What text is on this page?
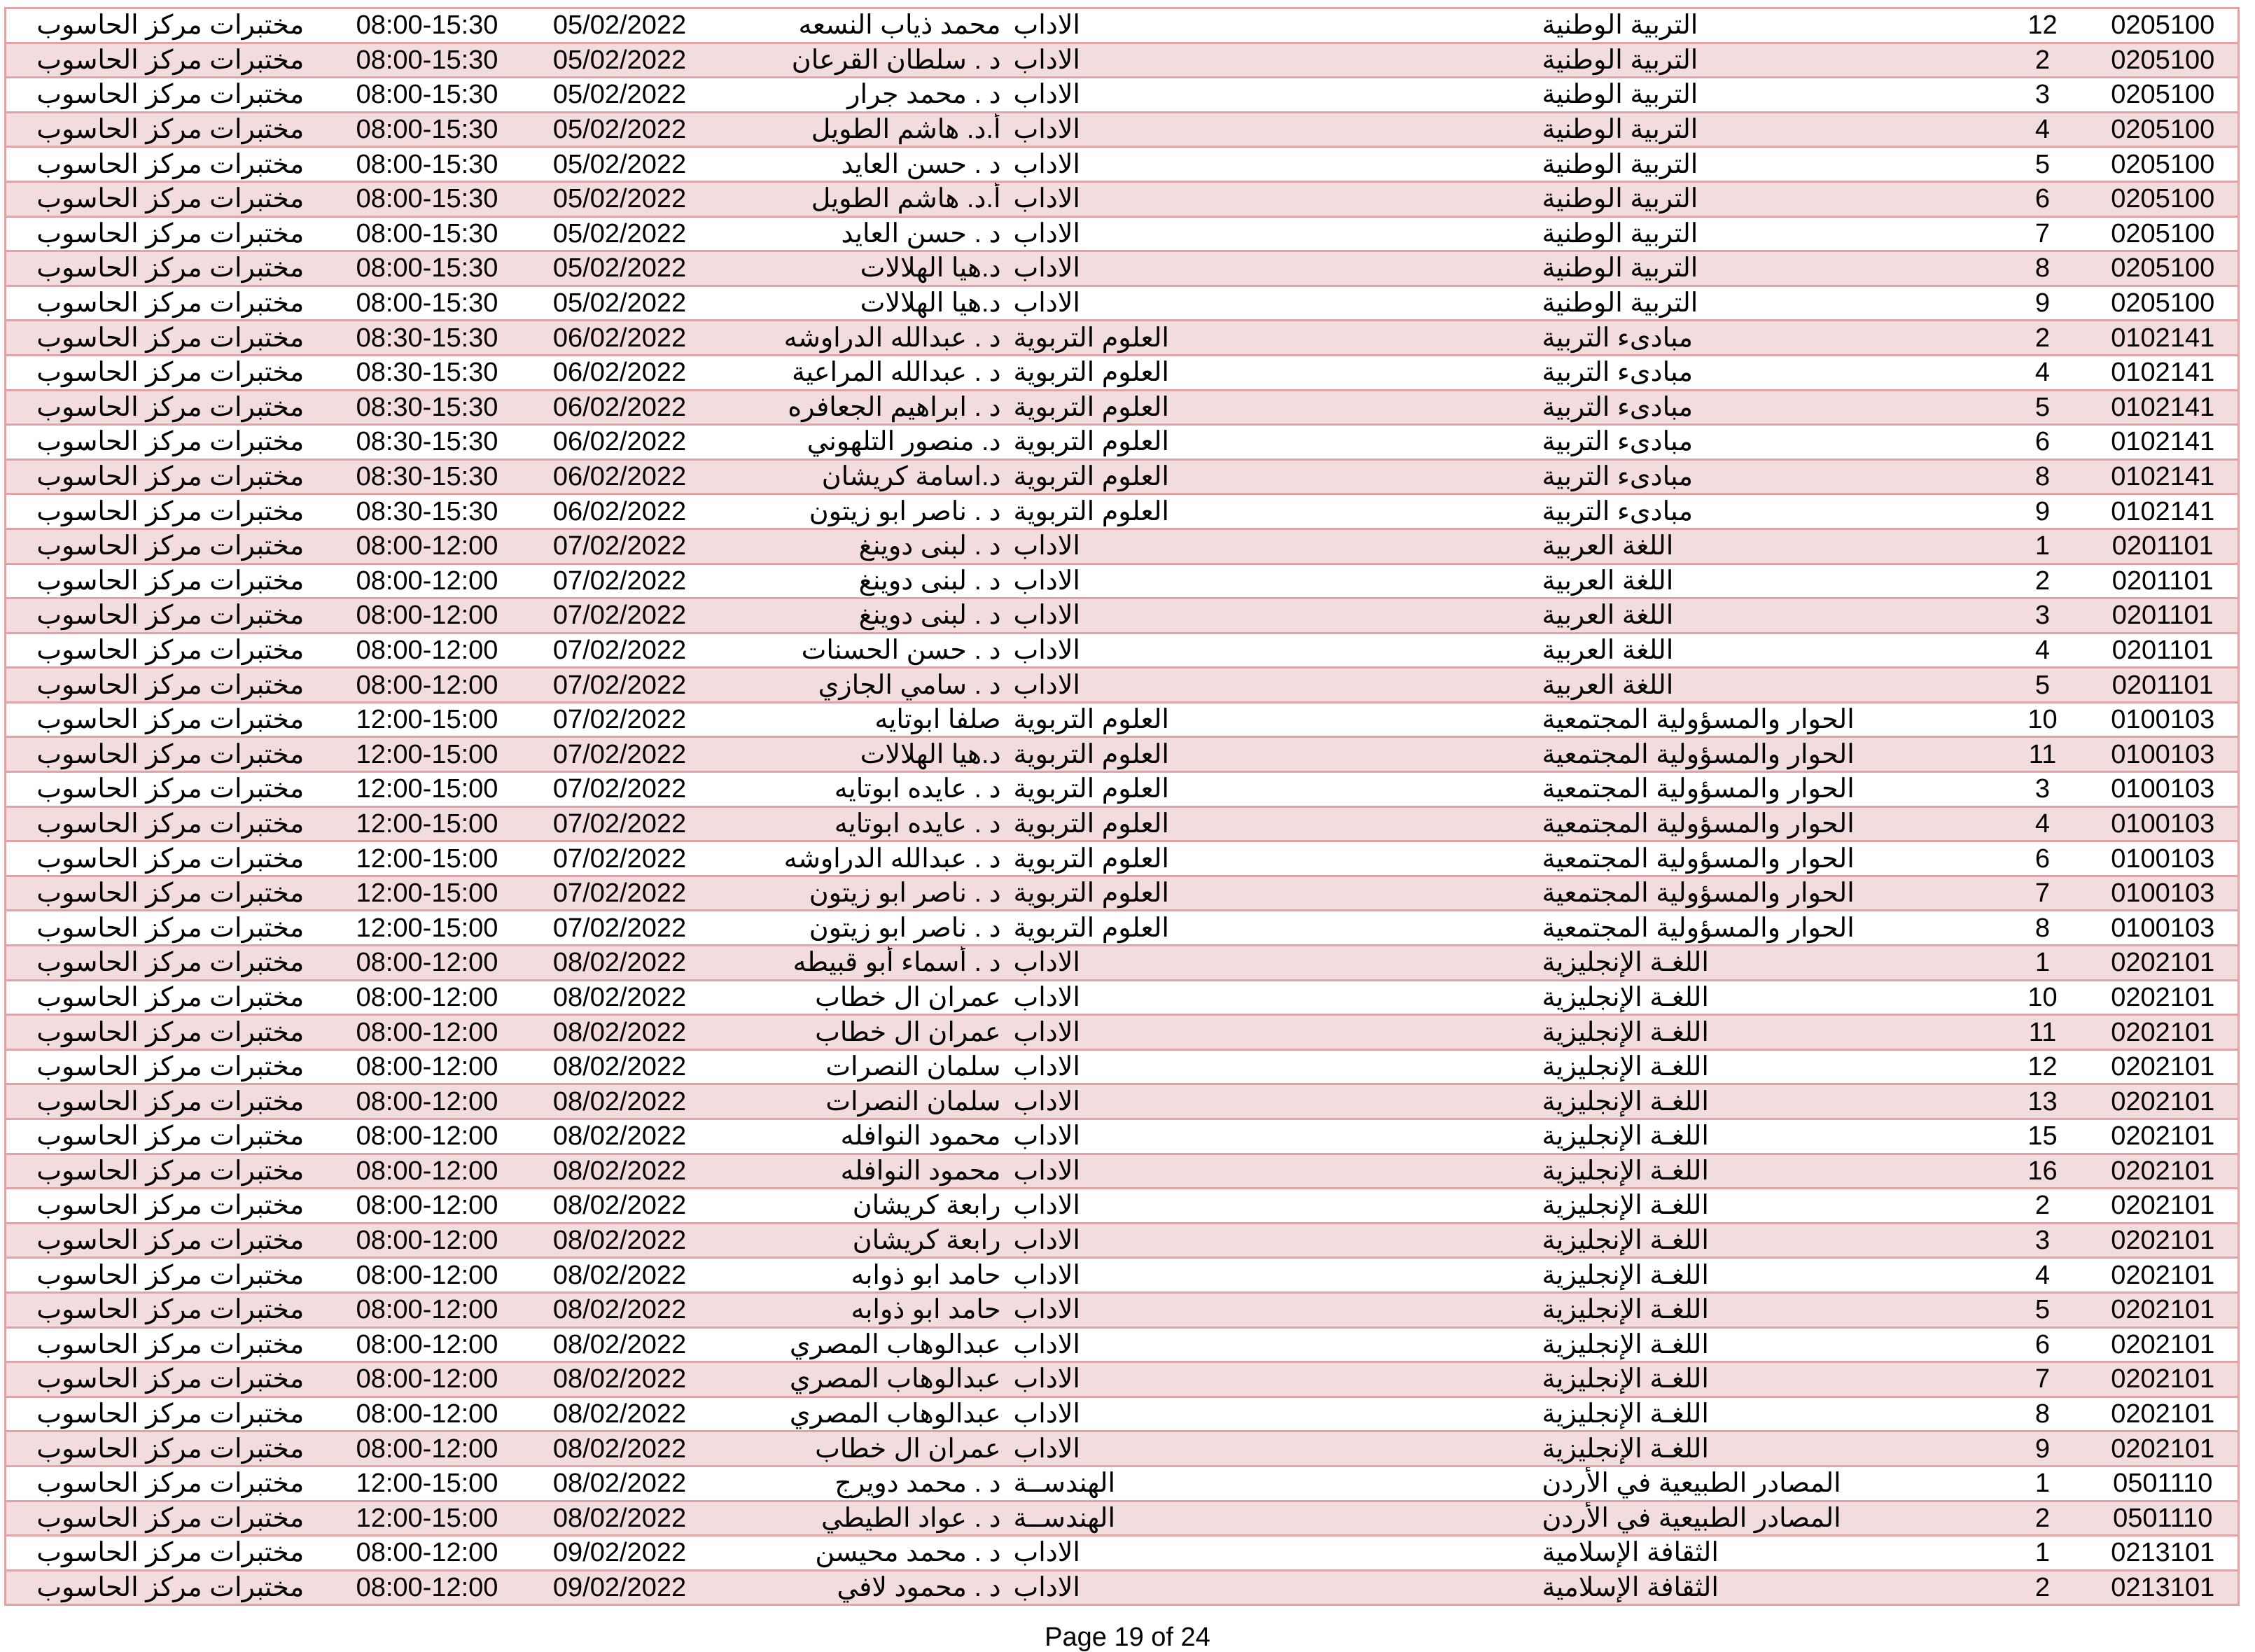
مختبرات مركز الحاسوب	08:00-15:30	05/02/2022	محمد ذياب النسعه	الاداب	التربية الوطنية	12	0205100
مختبرات مركز الحاسوب	08:00-15:30	05/02/2022	د . سلطان القرعان	الاداب	التربية الوطنية	2	0205100
مختبرات مركز الحاسوب	08:00-15:30	05/02/2022	د . محمد جرار	الاداب	التربية الوطنية	3	0205100
مختبرات مركز الحاسوب	08:00-15:30	05/02/2022	أ.د. هاشم الطويل	الاداب	التربية الوطنية	4	0205100
مختبرات مركز الحاسوب	08:00-15:30	05/02/2022	د . حسن العايد	الاداب	التربية الوطنية	5	0205100
مختبرات مركز الحاسوب	08:00-15:30	05/02/2022	أ.د. هاشم الطويل	الاداب	التربية الوطنية	6	0205100
مختبرات مركز الحاسوب	08:00-15:30	05/02/2022	د . حسن العايد	الاداب	التربية الوطنية	7	0205100
مختبرات مركز الحاسوب	08:00-15:30	05/02/2022	د.هيا الهلالات	الاداب	التربية الوطنية	8	0205100
مختبرات مركز الحاسوب	08:00-15:30	05/02/2022	د.هيا الهلالات	الاداب	التربية الوطنية	9	0205100
مختبرات مركز الحاسوب	08:30-15:30	06/02/2022	د . عبدالله الدراوشه	العلوم التربوية	مبادىء التربية	2	0102141
مختبرات مركز الحاسوب	08:30-15:30	06/02/2022	د . عبدالله المراعية	العلوم التربوية	مبادىء التربية	4	0102141
مختبرات مركز الحاسوب	08:30-15:30	06/02/2022	د . ابراهيم الجعافره	العلوم التربوية	مبادىء التربية	5	0102141
مختبرات مركز الحاسوب	08:30-15:30	06/02/2022	د. منصور التلهوني	العلوم التربوية	مبادىء التربية	6	0102141
مختبرات مركز الحاسوب	08:30-15:30	06/02/2022	د.اسامة كريشان	العلوم التربوية	مبادىء التربية	8	0102141
مختبرات مركز الحاسوب	08:30-15:30	06/02/2022	د . ناصر ابو زيتون	العلوم التربوية	مبادىء التربية	9	0102141
مختبرات مركز الحاسوب	08:00-12:00	07/02/2022	د . لبنى دوينغ	الاداب	اللغة العربية	1	0201101
مختبرات مركز الحاسوب	08:00-12:00	07/02/2022	د . لبنى دوينغ	الاداب	اللغة العربية	2	0201101
مختبرات مركز الحاسوب	08:00-12:00	07/02/2022	د . لبنى دوينغ	الاداب	اللغة العربية	3	0201101
مختبرات مركز الحاسوب	08:00-12:00	07/02/2022	د . حسن الحسنات	الاداب	اللغة العربية	4	0201101
مختبرات مركز الحاسوب	08:00-12:00	07/02/2022	د . سامي الجازي	الاداب	اللغة العربية	5	0201101
مختبرات مركز الحاسوب	12:00-15:00	07/02/2022	صلفا ابوتايه	العلوم التربوية	الحوار والمسؤولية المجتمعية	10	0100103
مختبرات مركز الحاسوب	12:00-15:00	07/02/2022	د.هيا الهلالات	العلوم التربوية	الحوار والمسؤولية المجتمعية	11	0100103
مختبرات مركز الحاسوب	12:00-15:00	07/02/2022	د . عايده ابوتايه	العلوم التربوية	الحوار والمسؤولية المجتمعية	3	0100103
مختبرات مركز الحاسوب	12:00-15:00	07/02/2022	د . عايده ابوتايه	العلوم التربوية	الحوار والمسؤولية المجتمعية	4	0100103
مختبرات مركز الحاسوب	12:00-15:00	07/02/2022	د . عبدالله الدراوشه	العلوم التربوية	الحوار والمسؤولية المجتمعية	6	0100103
مختبرات مركز الحاسوب	12:00-15:00	07/02/2022	د . ناصر ابو زيتون	العلوم التربوية	الحوار والمسؤولية المجتمعية	7	0100103
مختبرات مركز الحاسوب	12:00-15:00	07/02/2022	د . ناصر ابو زيتون	العلوم التربوية	الحوار والمسؤولية المجتمعية	8	0100103
مختبرات مركز الحاسوب	08:00-12:00	08/02/2022	د . أسماء أبو قبيطه	الاداب	اللغـة الإنجليزية	1	0202101
مختبرات مركز الحاسوب	08:00-12:00	08/02/2022	عمران ال خطاب	الاداب	اللغـة الإنجليزية	10	0202101
مختبرات مركز الحاسوب	08:00-12:00	08/02/2022	عمران ال خطاب	الاداب	اللغـة الإنجليزية	11	0202101
مختبرات مركز الحاسوب	08:00-12:00	08/02/2022	سلمان النصرات	الاداب	اللغـة الإنجليزية	12	0202101
مختبرات مركز الحاسوب	08:00-12:00	08/02/2022	سلمان النصرات	الاداب	اللغـة الإنجليزية	13	0202101
مختبرات مركز الحاسوب	08:00-12:00	08/02/2022	محمود النوافله	الاداب	اللغـة الإنجليزية	15	0202101
مختبرات مركز الحاسوب	08:00-12:00	08/02/2022	محمود النوافله	الاداب	اللغـة الإنجليزية	16	0202101
مختبرات مركز الحاسوب	08:00-12:00	08/02/2022	رابعة كريشان	الاداب	اللغـة الإنجليزية	2	0202101
مختبرات مركز الحاسوب	08:00-12:00	08/02/2022	رابعة كريشان	الاداب	اللغـة الإنجليزية	3	0202101
مختبرات مركز الحاسوب	08:00-12:00	08/02/2022	حامد ابو ذوابه	الاداب	اللغـة الإنجليزية	4	0202101
مختبرات مركز الحاسوب	08:00-12:00	08/02/2022	حامد ابو ذوابه	الاداب	اللغـة الإنجليزية	5	0202101
مختبرات مركز الحاسوب	08:00-12:00	08/02/2022	عبدالوهاب المصري	الاداب	اللغـة الإنجليزية	6	0202101
مختبرات مركز الحاسوب	08:00-12:00	08/02/2022	عبدالوهاب المصري	الاداب	اللغـة الإنجليزية	7	0202101
مختبرات مركز الحاسوب	08:00-12:00	08/02/2022	عبدالوهاب المصري	الاداب	اللغـة الإنجليزية	8	0202101
مختبرات مركز الحاسوب	08:00-12:00	08/02/2022	عمران ال خطاب	الاداب	اللغـة الإنجليزية	9	0202101
مختبرات مركز الحاسوب	12:00-15:00	08/02/2022	د . محمد دويرج	الهندســة	المصادر الطبيعية في الأردن	1	0501110
مختبرات مركز الحاسوب	12:00-15:00	08/02/2022	د . عواد الطيطي	الهندســة	المصادر الطبيعية في الأردن	2	0501110
مختبرات مركز الحاسوب	08:00-12:00	09/02/2022	د . محمد محيسن	الاداب	الثقافة الإسلامية	1	0213101
مختبرات مركز الحاسوب	08:00-12:00	09/02/2022	د . محمود لافي	الاداب	الثقافة الإسلامية	2	0213101
Page 19 of 24
